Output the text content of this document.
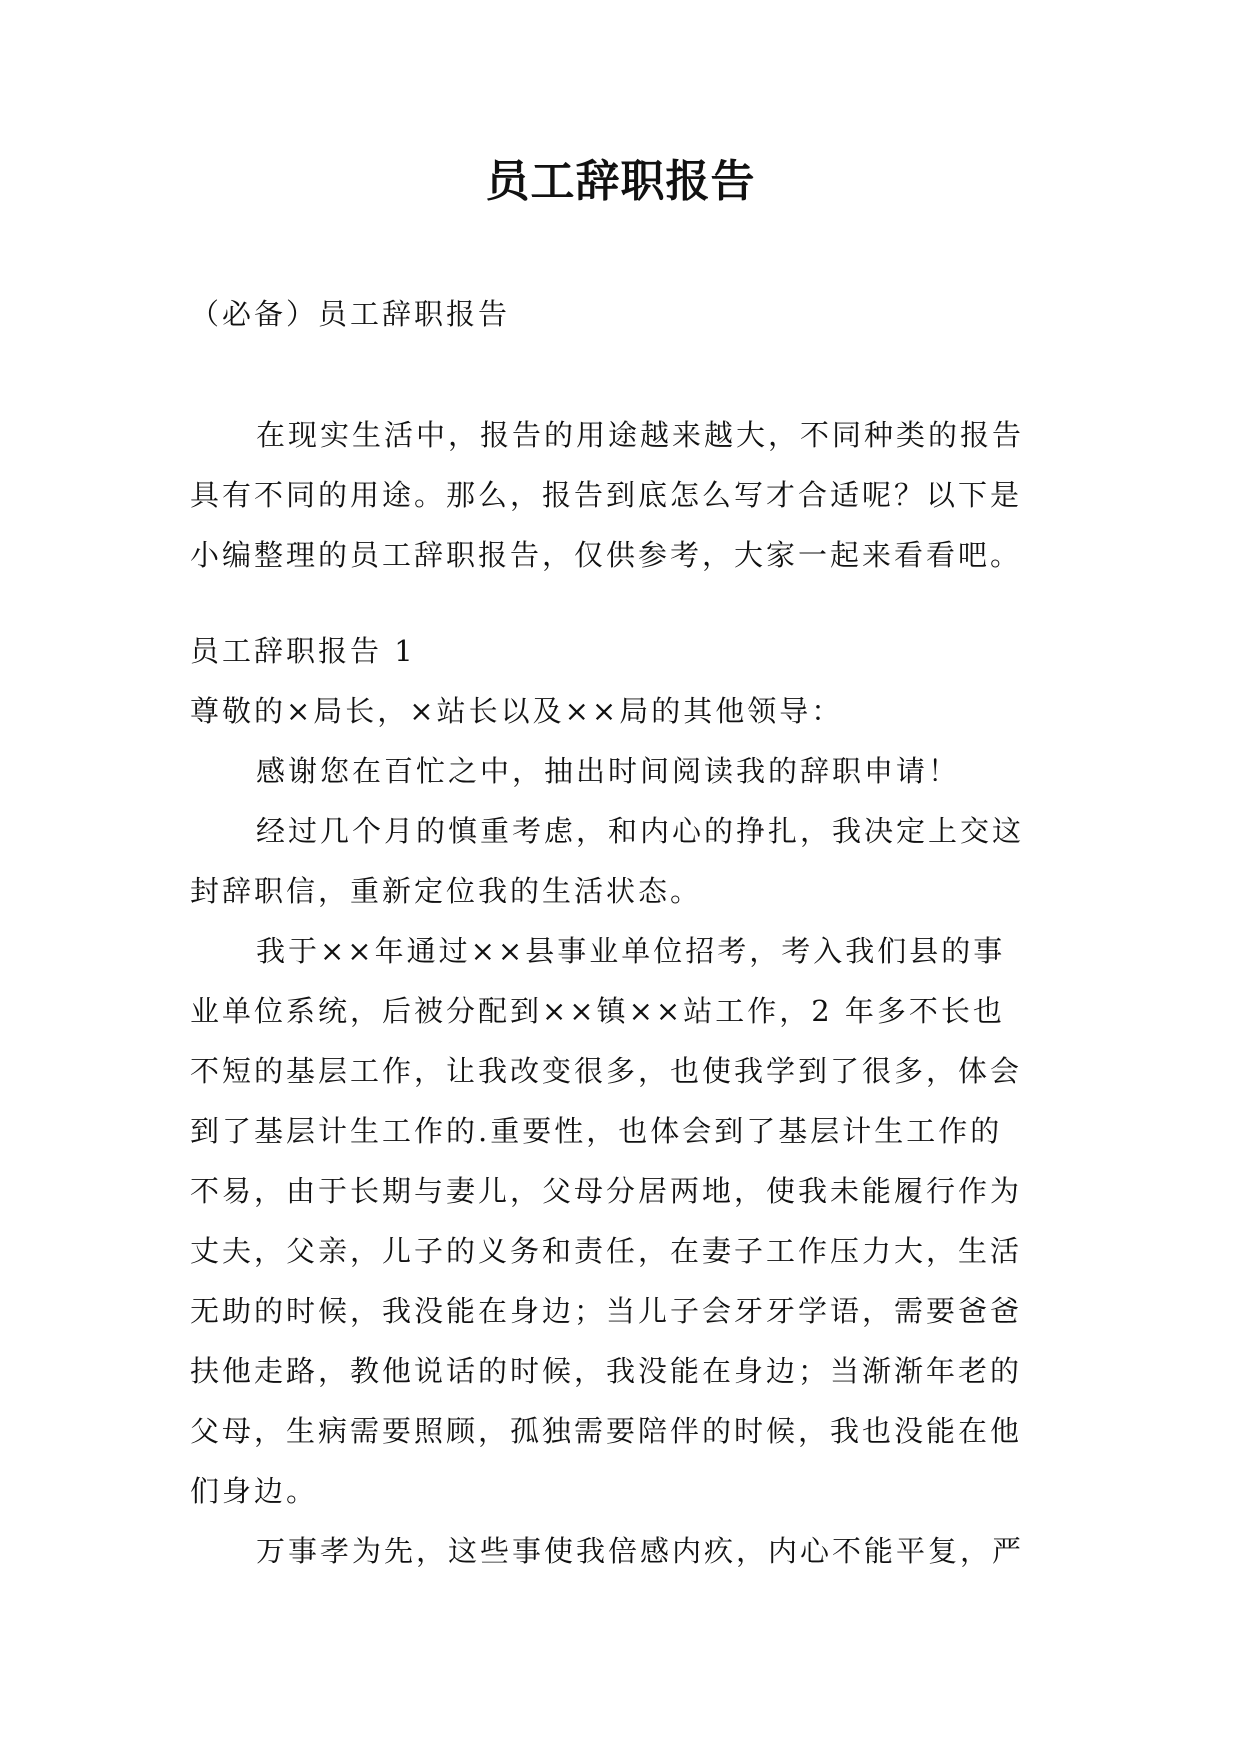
员工辞职报告
（必备）员工辞职报告

在现实生活中，报告的用途越来越大，不同种类的报告

具有不同的用途。那么，报告到底怎么写才合适呢？以下是

小编整理的员工辞职报告，仅供参考，大家一起来看看吧。

员工辞职报告 1

尊敬的×局长，×站长以及××局的其他领导：

感谢您在百忙之中，抽出时间阅读我的辞职申请！

经过几个月的慎重考虑，和内心的挣扎，我决定上交这

封辞职信，重新定位我的生活状态。

我于××年通过××县事业单位招考，考入我们县的事

业单位系统，后被分配到××镇××站工作，2 年多不长也

不短的基层工作，让我改变很多，也使我学到了很多，体会

到了基层计生工作的.重要性，也体会到了基层计生工作的

不易，由于长期与妻儿，父母分居两地，使我未能履行作为

丈夫，父亲，儿子的义务和责任，在妻子工作压力大，生活

无助的时候，我没能在身边；当儿子会牙牙学语，需要爸爸

扶他走路，教他说话的时候，我没能在身边；当渐渐年老的

父母，生病需要照顾，孤独需要陪伴的时候，我也没能在他

们身边。

万事孝为先，这些事使我倍感内疚，内心不能平复，严
